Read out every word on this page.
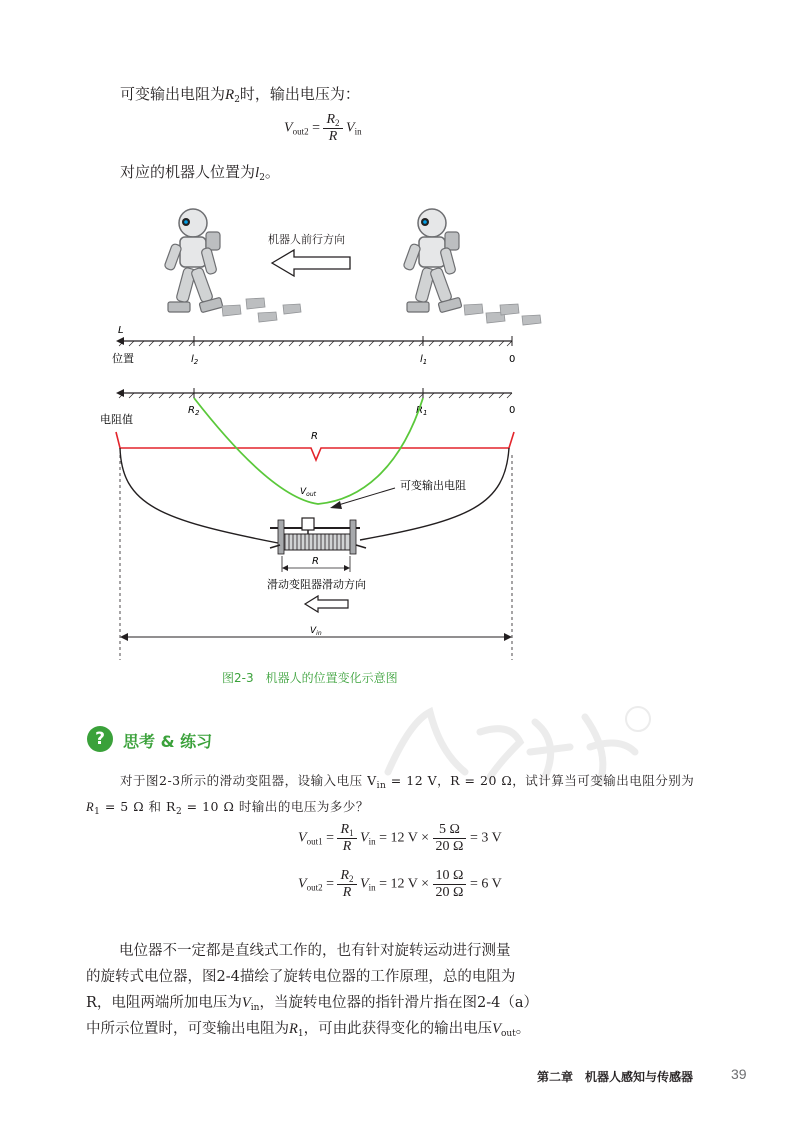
可变输出电阻为$R_2$时，输出电压为：
$V_{out2} = \frac{R_2}{R} V_{in}$
对应的机器人位置为$l_2$。
机器人前行方向
L
位置	$l_2$	$l_1$	0
$R_2$	$R_1$	0
电阻值
R
$V_{out}$
可变输出电阻
R
滑动变阻器滑动方向
$V_{in}$
图2-3　机器人的位置变化示意图
?	思考 & 练习
对于图2-3所示的滑动变阻器，设输入电压 $V_{in} = 12$ V，R = 20 Ω，试计算当可变输出电阻分别为
$R_1 = 5$ Ω 和 $R_2 = 10$ Ω 时输出的电压为多少？
$V_{out1} = \frac{R_1}{R} V_{in} = 12$ $V \times \frac{5 \Omega}{20 \Omega} = 3$ V
$V_{out2} = \frac{R_2}{R} V_{in} = 12$ $V \times \frac{10 \Omega}{20 \Omega} = 6$ V
电位器不一定都是直线式工作的，也有针对旋转运动进行测量
的旋转式电位器，图2-4描绘了旋转电位器的工作原理，总的电阻为
R，电阻两端所加电压为$V_{in}$，当旋转电位器的指针滑片指在图2-4（a）
中所示位置时，可变输出电阻为$R_1$，可由此获得变化的输出电压$V_{out}$。
第二章　机器人感知与传感器	39
